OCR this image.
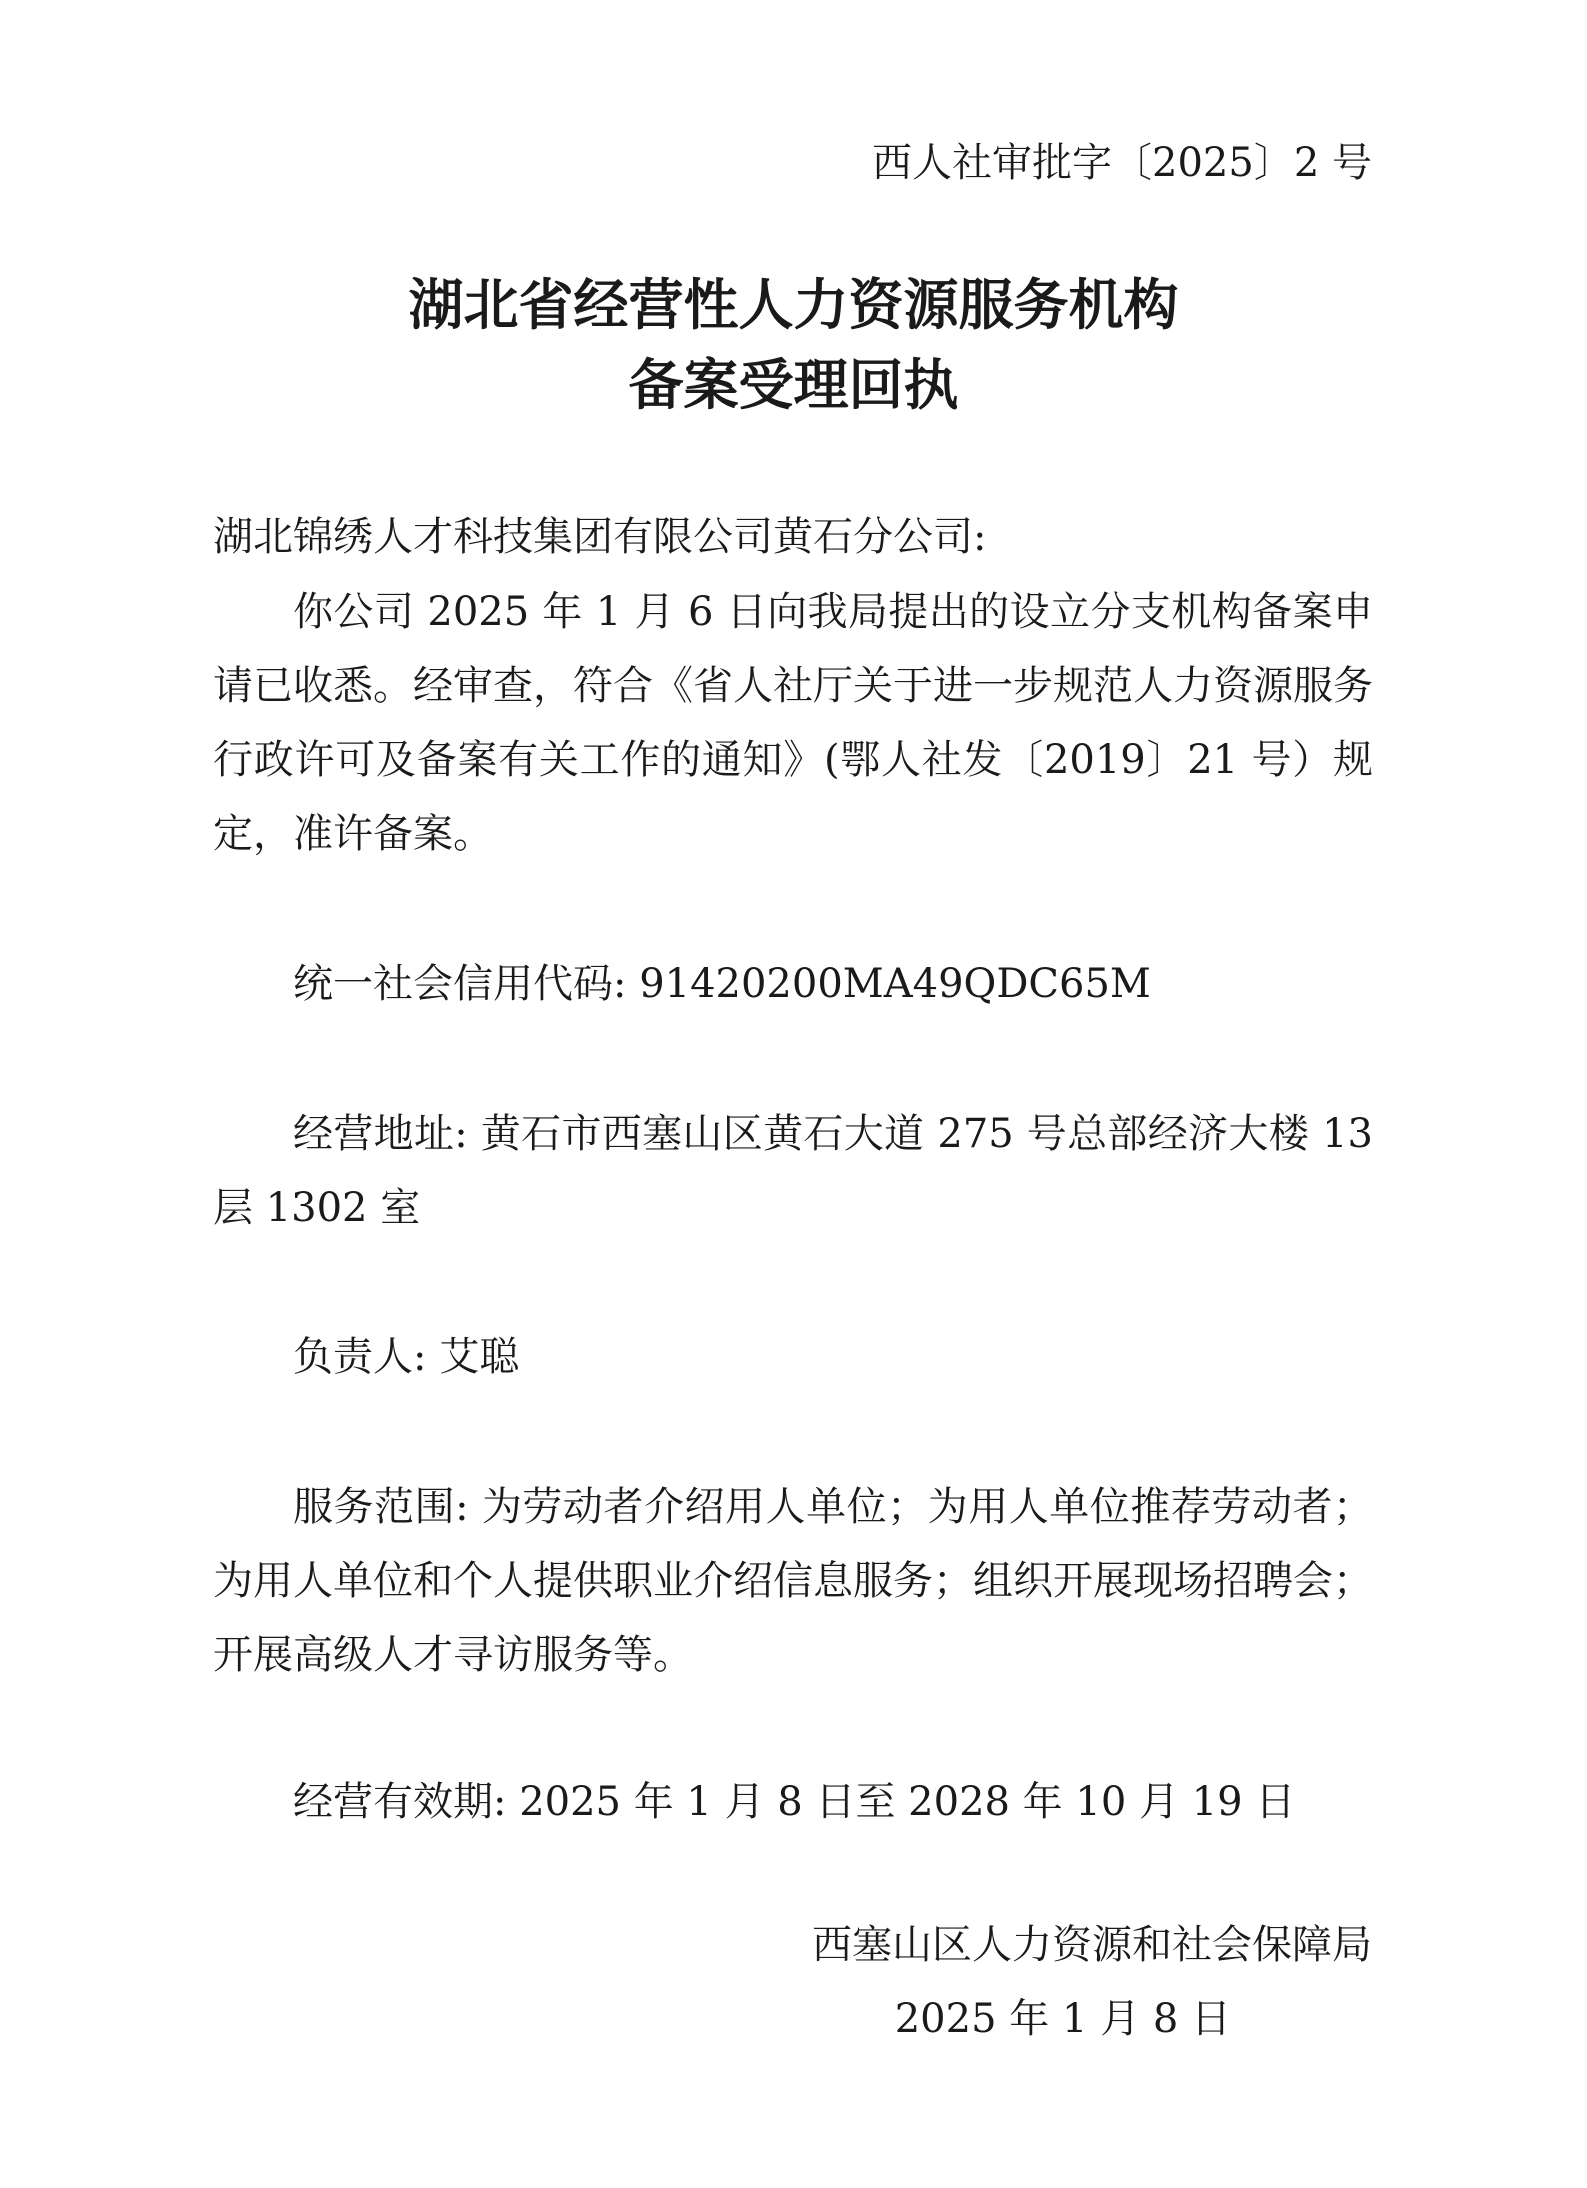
西人社审批字〔2025〕2 号
湖北省经营性人力资源服务机构
备案受理回执
湖北锦绣人才科技集团有限公司黄石分公司:
你公司 2025 年 1 月 6 日向我局提出的设立分支机构备案申请已收悉。经审查，符合《省人社厅关于进一步规范人力资源服务行政许可及备案有关工作的通知》(鄂人社发〔2019〕21 号）规定，准许备案。
统一社会信用代码: 91420200MA49QDC65M
经营地址: 黄石市西塞山区黄石大道 275 号总部经济大楼 13 层 1302 室
负责人: 艾聪
服务范围: 为劳动者介绍用人单位；为用人单位推荐劳动者；为用人单位和个人提供职业介绍信息服务；组织开展现场招聘会；开展高级人才寻访服务等。
经营有效期: 2025 年 1 月 8 日至 2028 年 10 月 19 日
西塞山区人力资源和社会保障局
2025 年 1 月 8 日
